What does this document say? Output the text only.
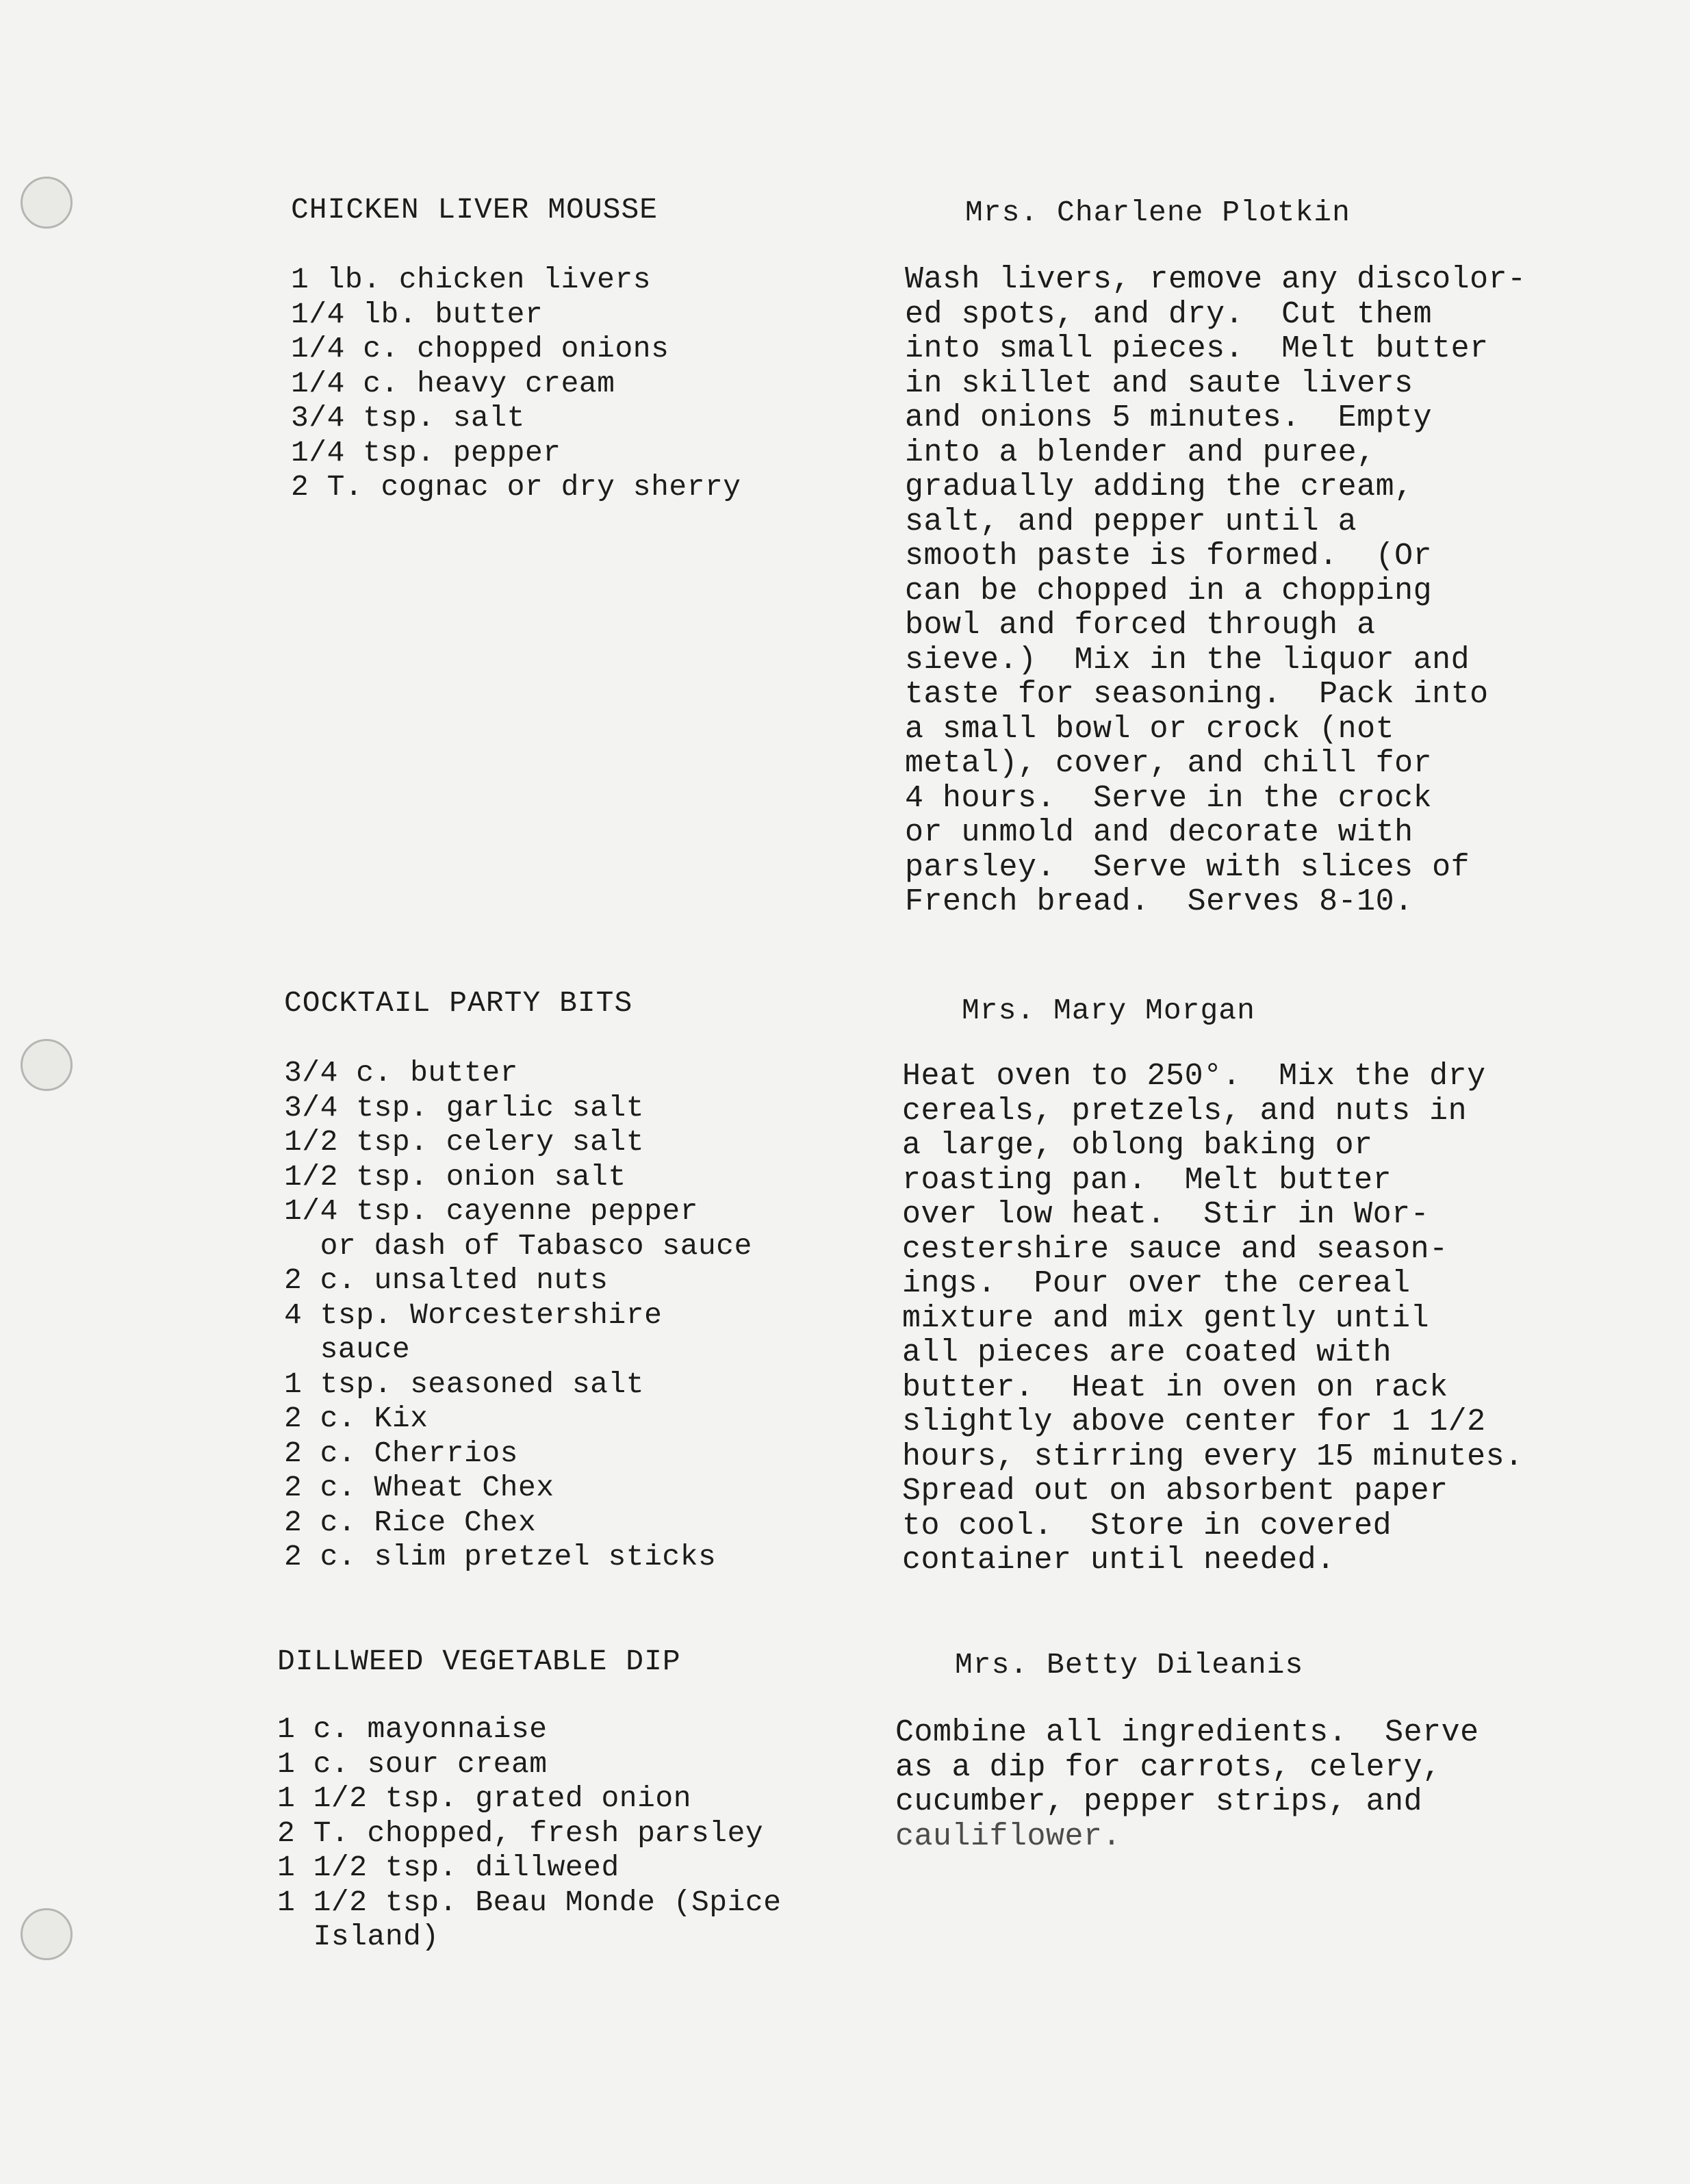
CHICKEN LIVER MOUSSE	Mrs. Charlene Plotkin
1 lb. chicken livers
1/4 lb. butter
1/4 c. chopped onions
1/4 c. heavy cream
3/4 tsp. salt
1/4 tsp. pepper
2 T. cognac or dry sherry
Wash livers, remove any discolor-
ed spots, and dry.  Cut them
into small pieces.  Melt butter
in skillet and saute livers
and onions 5 minutes.  Empty
into a blender and puree,
gradually adding the cream,
salt, and pepper until a
smooth paste is formed.  (Or
can be chopped in a chopping
bowl and forced through a
sieve.)  Mix in the liquor and
taste for seasoning.  Pack into
a small bowl or crock (not
metal), cover, and chill for
4 hours.  Serve in the crock
or unmold and decorate with
parsley.  Serve with slices of
French bread.  Serves 8-10.
COCKTAIL PARTY BITS	Mrs. Mary Morgan
3/4 c. butter
3/4 tsp. garlic salt
1/2 tsp. celery salt
1/2 tsp. onion salt
1/4 tsp. cayenne pepper
or dash of Tabasco sauce
2 c. unsalted nuts
4 tsp. Worcestershire
sauce
1 tsp. seasoned salt
2 c. Kix
2 c. Cherrios
2 c. Wheat Chex
2 c. Rice Chex
2 c. slim pretzel sticks
Heat oven to 250°.  Mix the dry
cereals, pretzels, and nuts in
a large, oblong baking or
roasting pan.  Melt butter
over low heat.  Stir in Wor-
cestershire sauce and season-
ings.  Pour over the cereal
mixture and mix gently until
all pieces are coated with
butter.  Heat in oven on rack
slightly above center for 1 1/2
hours, stirring every 15 minutes.
Spread out on absorbent paper
to cool.  Store in covered
container until needed.
DILLWEED VEGETABLE DIP	Mrs. Betty Dileanis
1 c. mayonnaise
1 c. sour cream
1 1/2 tsp. grated onion
2 T. chopped, fresh parsley
1 1/2 tsp. dillweed
1 1/2 tsp. Beau Monde (Spice
Island)
Combine all ingredients.  Serve
as a dip for carrots, celery,
cucumber, pepper strips, and
cauliflower.
